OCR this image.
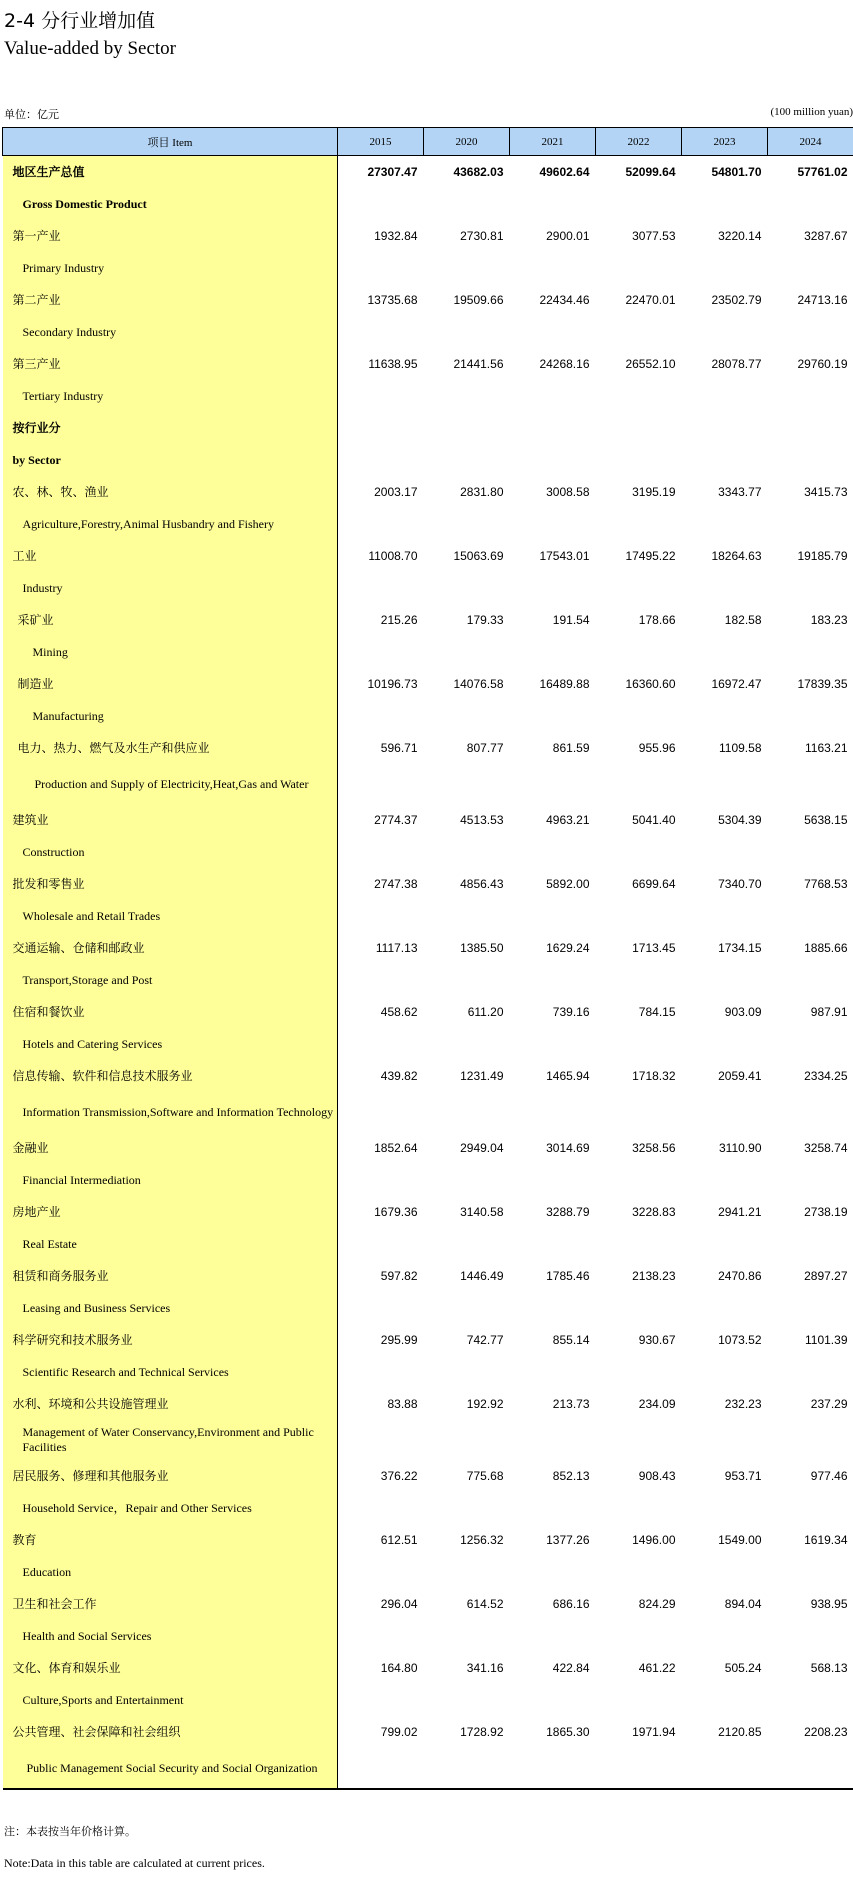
2-4 分行业增加值
Value-added by Sector
单位：亿元	(100 million yuan)
项目 Item	2015	2020	2021	2022	2023	2024
地区生产总值	27307.47	43682.03	49602.64	52099.64	54801.70	57761.02
Gross Domestic Product						
第一产业	1932.84	2730.81	2900.01	3077.53	3220.14	3287.67
Primary Industry						
第二产业	13735.68	19509.66	22434.46	22470.01	23502.79	24713.16
Secondary Industry						
第三产业	11638.95	21441.56	24268.16	26552.10	28078.77	29760.19
Tertiary Industry						
按行业分						
by Sector						
农、林、牧、渔业	2003.17	2831.80	3008.58	3195.19	3343.77	3415.73
Agriculture,Forestry,Animal Husbandry and Fishery						
工业	11008.70	15063.69	17543.01	17495.22	18264.63	19185.79
Industry						
采矿业	215.26	179.33	191.54	178.66	182.58	183.23
Mining						
制造业	10196.73	14076.58	16489.88	16360.60	16972.47	17839.35
Manufacturing						
电力、热力、燃气及水生产和供应业	596.71	807.77	861.59	955.96	1109.58	1163.21
Production and Supply of Electricity,Heat,Gas and Water						
建筑业	2774.37	4513.53	4963.21	5041.40	5304.39	5638.15
Construction						
批发和零售业	2747.38	4856.43	5892.00	6699.64	7340.70	7768.53
Wholesale and Retail Trades						
交通运输、仓储和邮政业	1117.13	1385.50	1629.24	1713.45	1734.15	1885.66
Transport,Storage and Post						
住宿和餐饮业	458.62	611.20	739.16	784.15	903.09	987.91
Hotels and Catering Services						
信息传输、软件和信息技术服务业	439.82	1231.49	1465.94	1718.32	2059.41	2334.25
Information Transmission,Software and Information Technology						
金融业	1852.64	2949.04	3014.69	3258.56	3110.90	3258.74
Financial Intermediation						
房地产业	1679.36	3140.58	3288.79	3228.83	2941.21	2738.19
Real Estate						
租赁和商务服务业	597.82	1446.49	1785.46	2138.23	2470.86	2897.27
Leasing and Business Services						
科学研究和技术服务业	295.99	742.77	855.14	930.67	1073.52	1101.39
Scientific Research and Technical Services						
水利、环境和公共设施管理业	83.88	192.92	213.73	234.09	232.23	237.29
Management of Water Conservancy,Environment and Public Facilities						
居民服务、修理和其他服务业	376.22	775.68	852.13	908.43	953.71	977.46
Household Service，Repair and Other Services						
教育	612.51	1256.32	1377.26	1496.00	1549.00	1619.34
Education						
卫生和社会工作	296.04	614.52	686.16	824.29	894.04	938.95
Health and Social Services						
文化、体育和娱乐业	164.80	341.16	422.84	461.22	505.24	568.13
Culture,Sports and Entertainment						
公共管理、社会保障和社会组织	799.02	1728.92	1865.30	1971.94	2120.85	2208.23
Public Management Social Security and Social Organization						
注：本表按当年价格计算。
Note:Data in this table are calculated at current prices.
